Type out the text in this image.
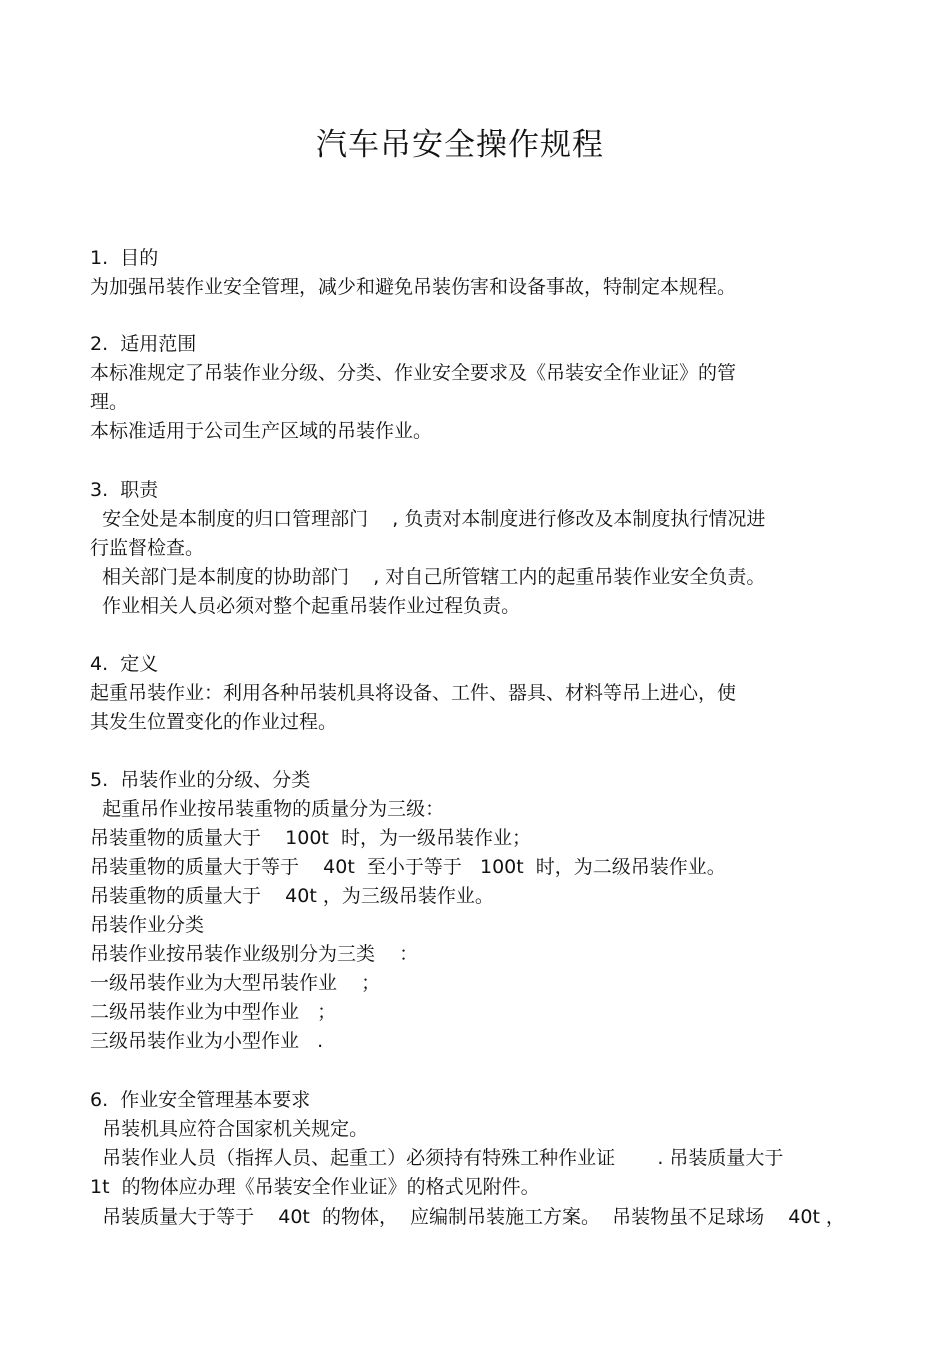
汽车吊安全操作规程

1.  目的

为加强吊装作业安全管理，减少和避免吊装伤害和设备事故，特制定本规程。

2.  适用范围

本标准规定了吊装作业分级、分类、作业安全要求及《吊装安全作业证》的管

理。

本标准适用于公司生产区域的吊装作业。

3.  职责

安全处是本制度的归口管理部门    , 负责对本制度进行修改及本制度执行情况进

行监督检查。

相关部门是本制度的协助部门    , 对自己所管辖工内的起重吊装作业安全负责。

作业相关人员必须对整个起重吊装作业过程负责。

4.  定义

起重吊装作业：利用各种吊装机具将设备、工件、器具、材料等吊上进心，使

其发生位置变化的作业过程。

5.  吊装作业的分级、分类

起重吊作业按吊装重物的质量分为三级：

吊装重物的质量大于    100t  时，为一级吊装作业；

吊装重物的质量大于等于    40t  至小于等于   100t  时，为二级吊装作业。

吊装重物的质量大于    40t ，为三级吊装作业。

吊装作业分类

吊装作业按吊装作业级别分为三类    ：

一级吊装作业为大型吊装作业    ；

二级吊装作业为中型作业   ；

三级吊装作业为小型作业   .

6.  作业安全管理基本要求

吊装机具应符合国家机关规定。

吊装作业人员（指挥人员、起重工）必须持有特殊工种作业证       . 吊装质量大于

1t  的物体应办理《吊装安全作业证》的格式见附件。

吊装质量大于等于    40t  的物体，  应编制吊装施工方案。  吊装物虽不足球场    40t ，
